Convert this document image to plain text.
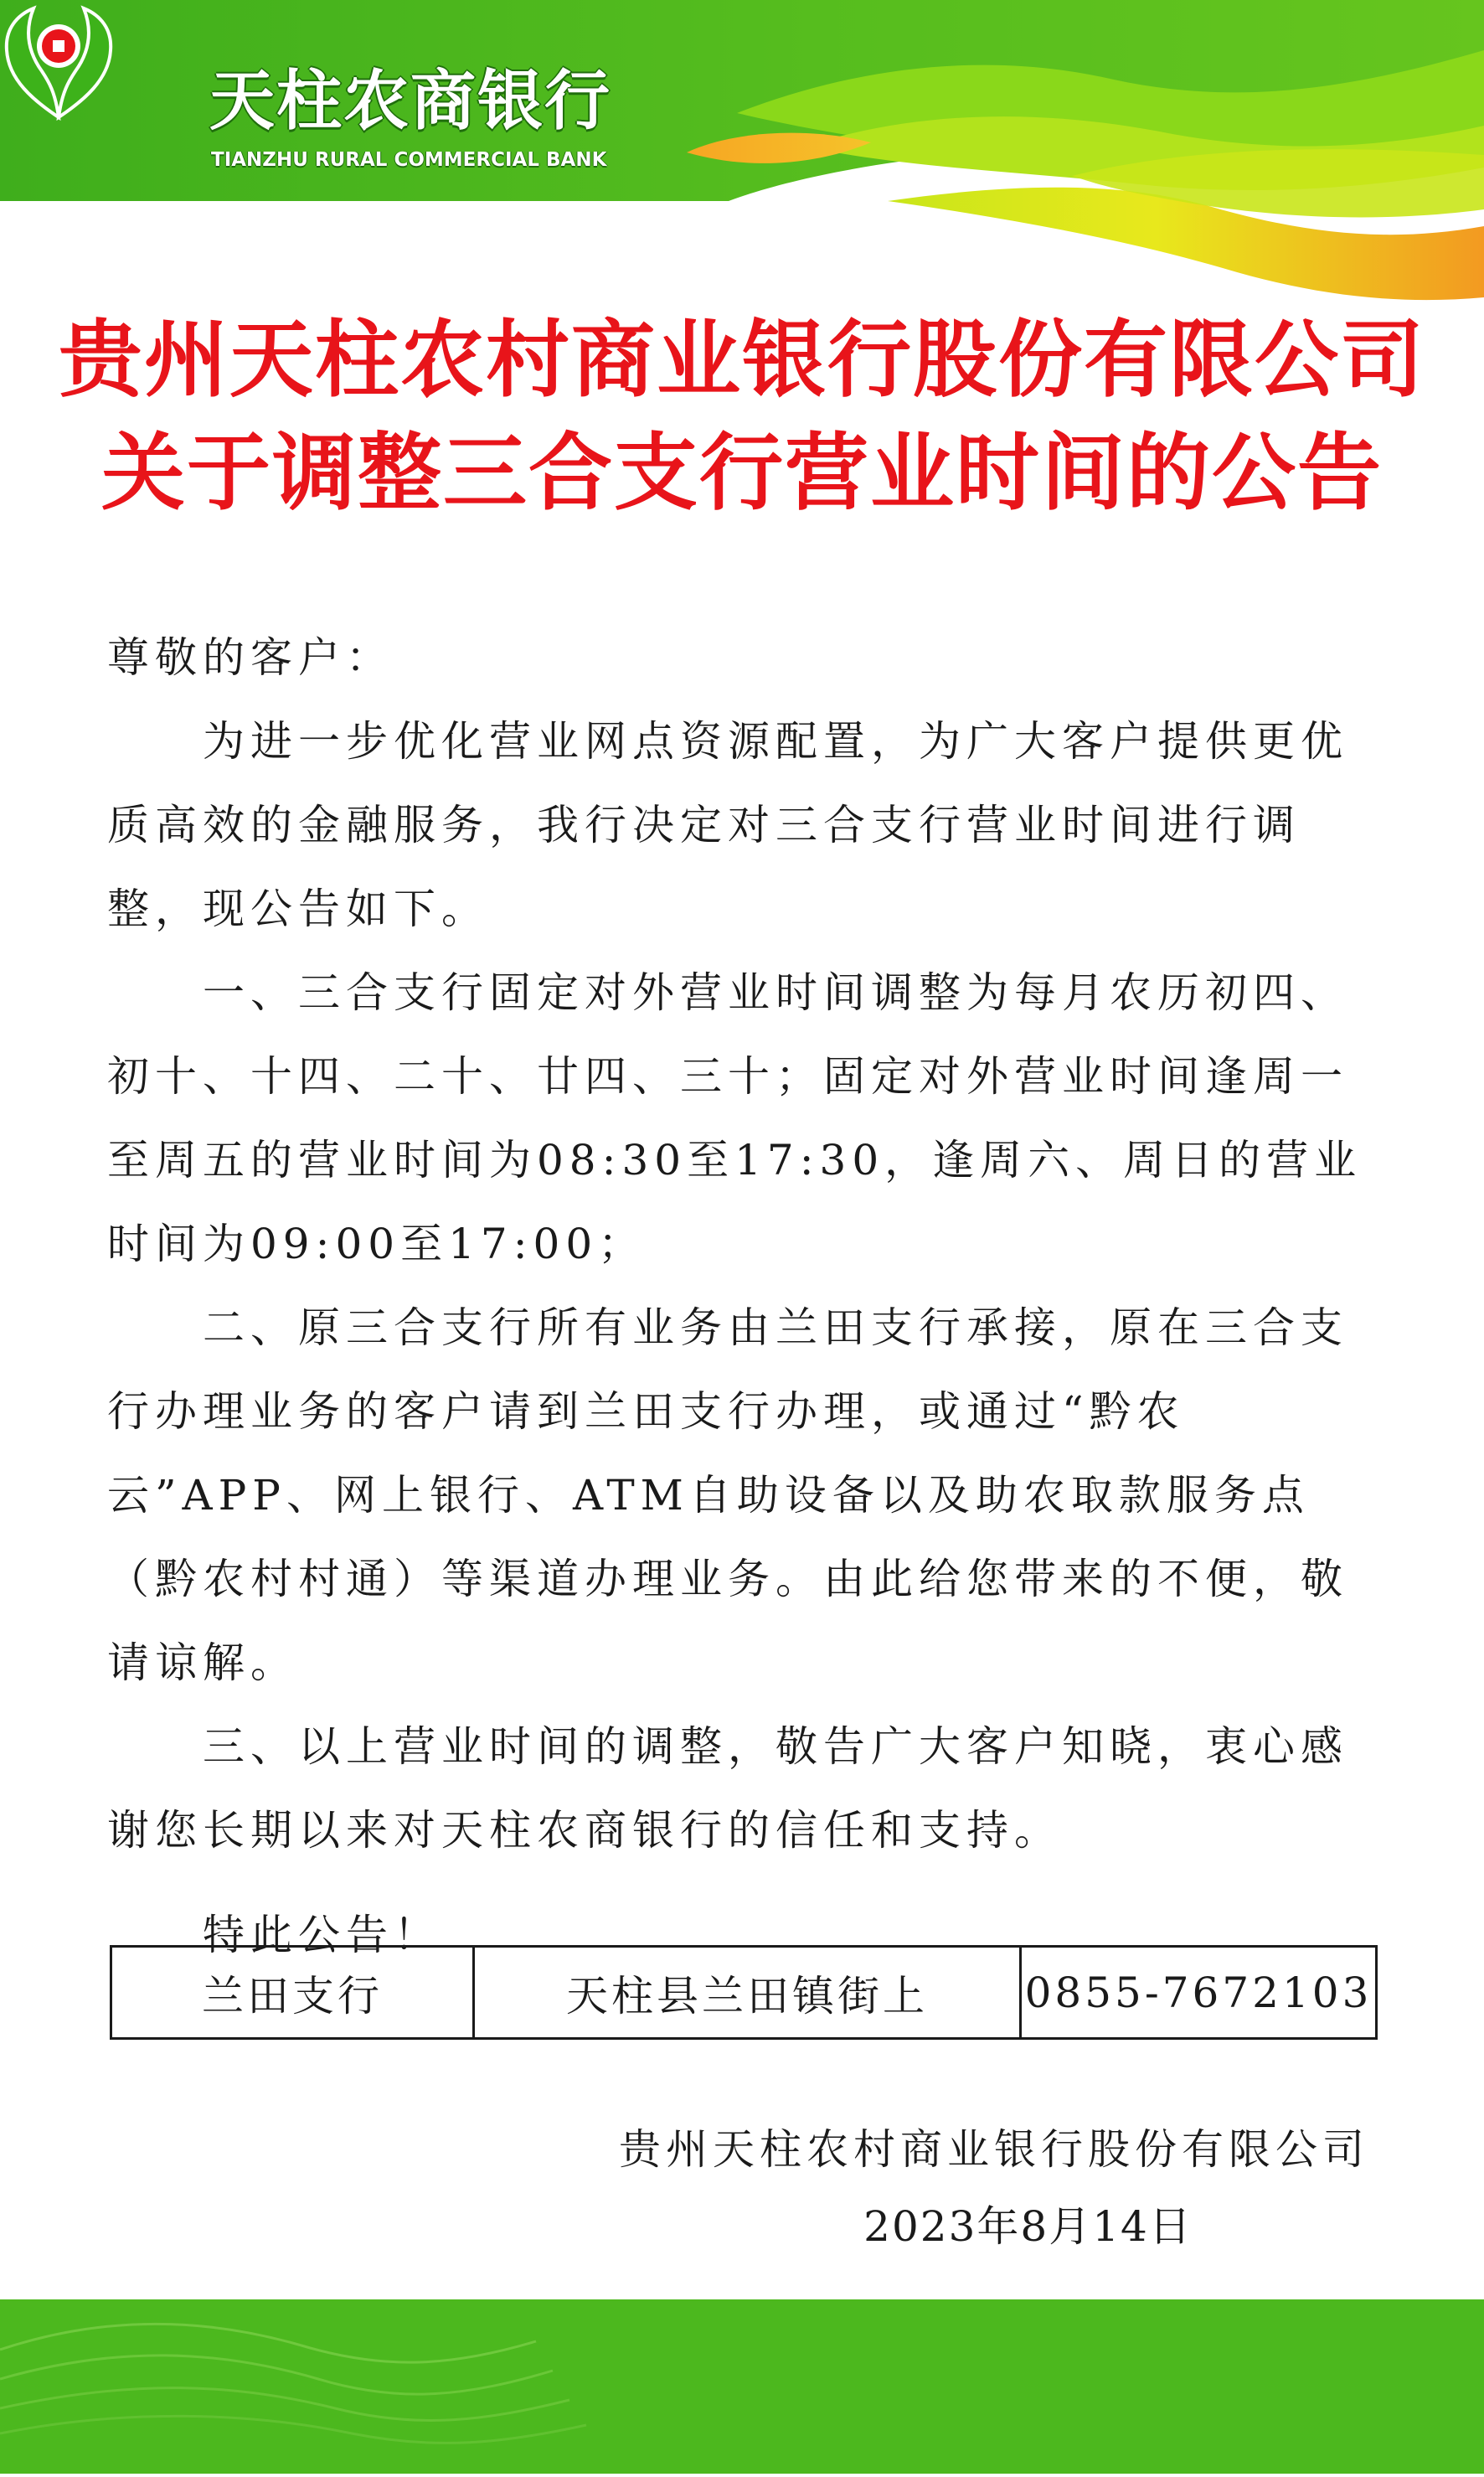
天柱农商银行
TIANZHU RURAL COMMERCIAL BANK
贵州天柱农村商业银行股份有限公司
关于调整三合支行营业时间的公告

尊敬的客户：

为进一步优化营业网点资源配置，为广大客户提供更优质高效的金融服务，我行决定对三合支行营业时间进行调整，现公告如下。

一、三合支行固定对外营业时间调整为每月农历初四、初十、十四、二十、廿四、三十；固定对外营业时间逢周一至周五的营业时间为08:30至17:30，逢周六、周日的营业时间为09:00至17:00；

二、原三合支行所有业务由兰田支行承接，原在三合支行办理业务的客户请到兰田支行办理，或通过“黔农云”APP、网上银行、ATM自助设备以及助农取款服务点（黔农村村通）等渠道办理业务。由此给您带来的不便，敬请谅解。

三、以上营业时间的调整，敬告广大客户知晓，衷心感谢您长期以来对天柱农商银行的信任和支持。

特此公告！

兰田支行	天柱县兰田镇街上	0855-7672103
贵州天柱农村商业银行股份有限公司
2023年8月14日
